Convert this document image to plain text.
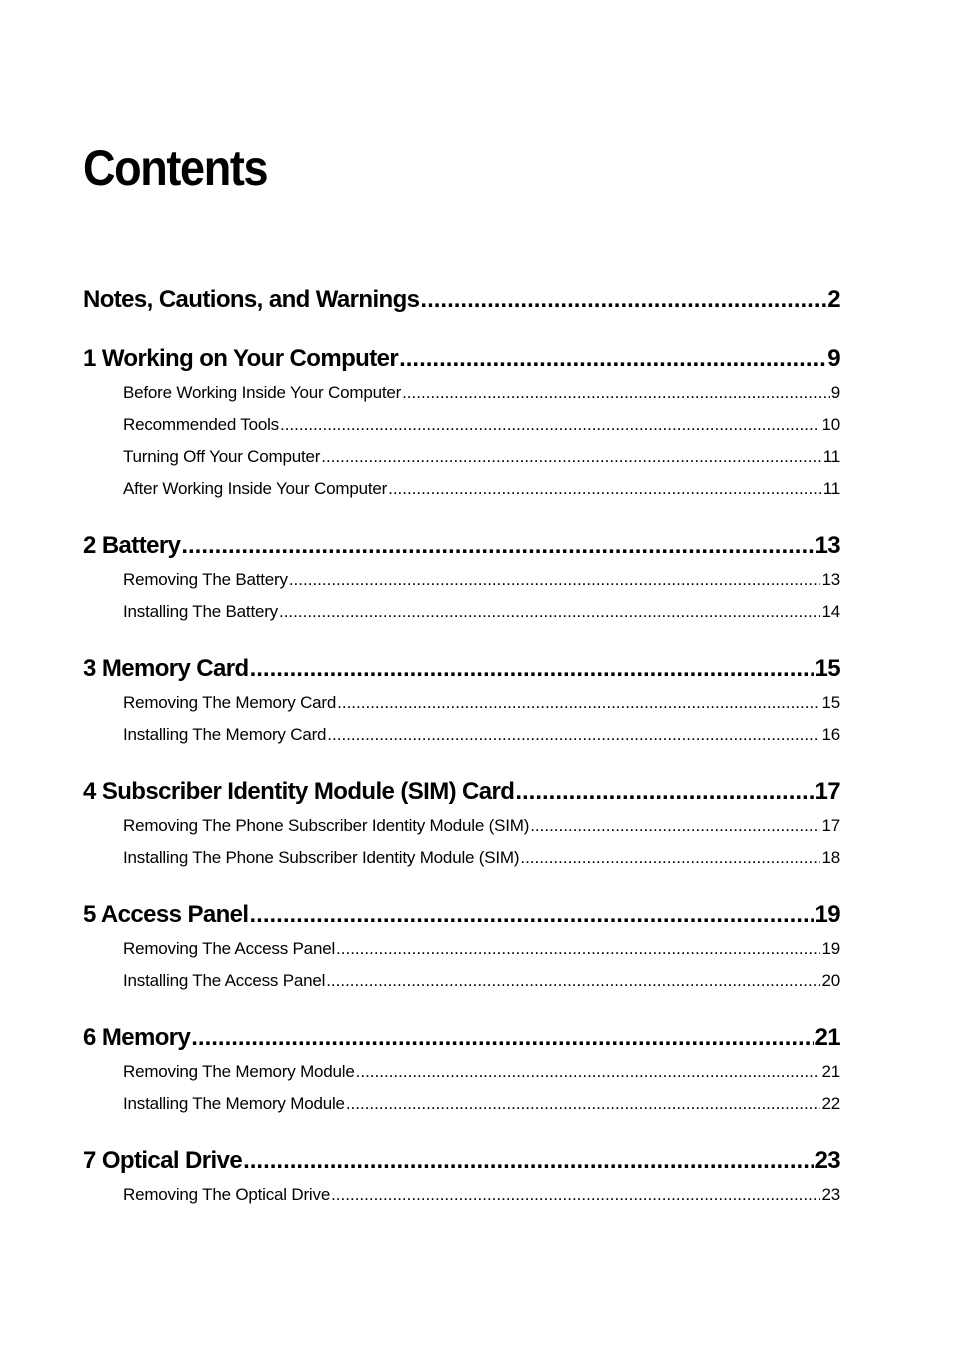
Contents
Notes, Cautions, and Warnings .....	2
1 Working on Your Computer .....	9
Before Working Inside Your Computer .....	9
Recommended Tools .....	10
Turning Off Your Computer .....	11
After Working Inside Your Computer .....	11
2 Battery .....	13
Removing The Battery .....	13
Installing The Battery .....	14
3 Memory Card .....	15
Removing The Memory Card .....	15
Installing The Memory Card .....	16
4 Subscriber Identity Module (SIM) Card .....	17
Removing The Phone Subscriber Identity Module (SIM) .....	17
Installing The Phone Subscriber Identity Module (SIM) .....	18
5 Access Panel .....	19
Removing The Access Panel .....	19
Installing The Access Panel .....	20
6 Memory .....	21
Removing The Memory Module .....	21
Installing The Memory Module .....	22
7 Optical Drive .....	23
Removing The Optical Drive .....	23
